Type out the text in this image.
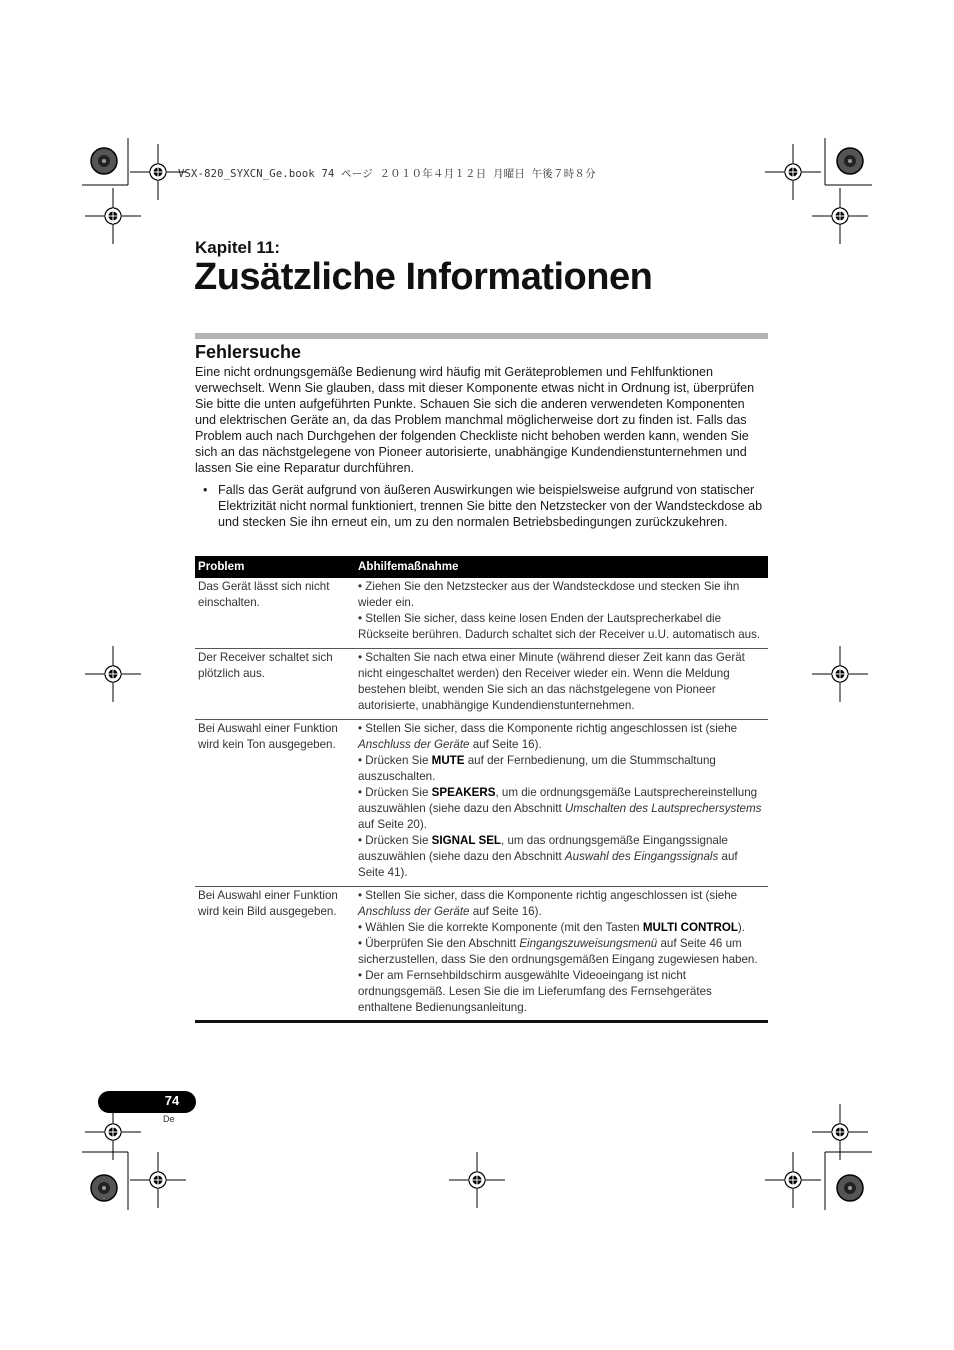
VSX-820_SYXCN_Ge.book 74 ページ ２０１０年４月１２日 月曜日 午後７時８分
Kapitel 11:
Zusätzliche Informationen
Fehlersuche

Eine nicht ordnungsgemäße Bedienung wird häufig mit Geräteproblemen und Fehlfunktionen verwechselt. Wenn Sie glauben, dass mit dieser Komponente etwas nicht in Ordnung ist, überprüfen Sie bitte die unten aufgeführten Punkte. Schauen Sie sich die anderen verwendeten Komponenten und elektrischen Geräte an, da das Problem manchmal möglicherweise dort zu finden ist. Falls das Problem auch nach Durchgehen der folgenden Checkliste nicht behoben werden kann, wenden Sie sich an das nächstgelegene von Pioneer autorisierte, unabhängige Kundendienstunternehmen und lassen Sie eine Reparatur durchführen.

• Falls das Gerät aufgrund von äußeren Auswirkungen wie beispielsweise aufgrund von statischer Elektrizität nicht normal funktioniert, trennen Sie bitte den Netzstecker von der Wandsteckdose ab und stecken Sie ihn erneut ein, um zu den normalen Betriebsbedingungen zurückzukehren.
Problem	Abhilfemaßnahme
Das Gerät lässt sich nicht einschalten.	• Ziehen Sie den Netzstecker aus der Wandsteckdose und stecken Sie ihn wieder ein.
• Stellen Sie sicher, dass keine losen Enden der Lautsprecherkabel die Rückseite berühren. Dadurch schaltet sich der Receiver u.U. automatisch aus.

Der Receiver schaltet sich plötzlich aus.	• Schalten Sie nach etwa einer Minute (während dieser Zeit kann das Gerät nicht eingeschaltet werden) den Receiver wieder ein. Wenn die Meldung bestehen bleibt, wenden Sie sich an das nächstgelegene von Pioneer autorisierte, unabhängige Kundendienstunternehmen.

Bei Auswahl einer Funktion wird kein Ton ausgegeben.	• Stellen Sie sicher, dass die Komponente richtig angeschlossen ist (siehe Anschluss der Geräte auf Seite 16).
• Drücken Sie MUTE auf der Fernbedienung, um die Stummschaltung auszuschalten.
• Drücken Sie SPEAKERS, um die ordnungsgemäße Lautsprechereinstellung auszuwählen (siehe dazu den Abschnitt Umschalten des Lautsprechersystems auf Seite 20).
• Drücken Sie SIGNAL SEL, um das ordnungsgemäße Eingangssignale auszuwählen (siehe dazu den Abschnitt Auswahl des Eingangssignals auf Seite 41).

Bei Auswahl einer Funktion wird kein Bild ausgegeben.	• Stellen Sie sicher, dass die Komponente richtig angeschlossen ist (siehe Anschluss der Geräte auf Seite 16).
• Wählen Sie die korrekte Komponente (mit den Tasten MULTI CONTROL).
• Überprüfen Sie den Abschnitt Eingangszuweisungsmenü auf Seite 46 um sicherzustellen, dass Sie den ordnungsgemäßen Eingang zugewiesen haben.
• Der am Fernsehbildschirm ausgewählte Videoeingang ist nicht ordnungsgemäß. Lesen Sie die im Lieferumfang des Fernsehgerätes enthaltene Bedienungsanleitung.
74
De
